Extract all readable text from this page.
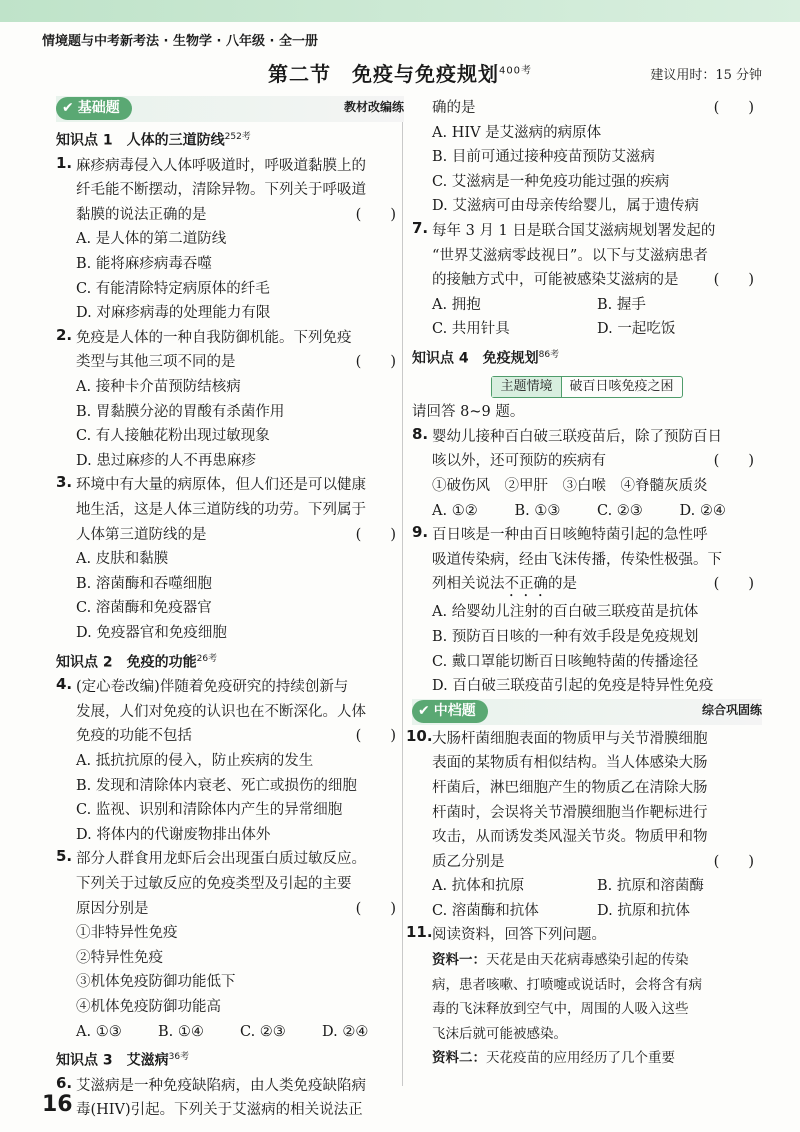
情境题与中考新考法 · 生物学 · 八年级 · 全一册
第二节　免疫与免疫规划$^{400考}$	建议用时：15 分钟
✔ 基础题	教材改编练
知识点 1　人体的三道防线$^{252考}$
1. 麻疹病毒侵入人体呼吸道时，呼吸道黏膜上的
纤毛能不断摆动，清除异物。下列关于呼吸道
黏膜的说法正确的是	(　　)
A. 是人体的第二道防线
B. 能将麻疹病毒吞噬
C. 有能清除特定病原体的纤毛
D. 对麻疹病毒的处理能力有限
2. 免疫是人体的一种自我防御机能。下列免疫
类型与其他三项不同的是	(　　)
A. 接种卡介苗预防结核病
B. 胃黏膜分泌的胃酸有杀菌作用
C. 有人接触花粉出现过敏现象
D. 患过麻疹的人不再患麻疹
3. 环境中有大量的病原体，但人们还是可以健康
地生活，这是人体三道防线的功劳。下列属于
人体第三道防线的是	(　　)
A. 皮肤和黏膜
B. 溶菌酶和吞噬细胞
C. 溶菌酶和免疫器官
D. 免疫器官和免疫细胞
知识点 2　免疫的功能$^{26考}$
4. (定心卷改编)伴随着免疫研究的持续创新与
发展，人们对免疫的认识也在不断深化。人体
免疫的功能不包括	(　　)
A. 抵抗抗原的侵入，防止疾病的发生
B. 发现和清除体内衰老、死亡或损伤的细胞
C. 监视、识别和清除体内产生的异常细胞
D. 将体内的代谢废物排出体外
5. 部分人群食用龙虾后会出现蛋白质过敏反应。
下列关于过敏反应的免疫类型及引起的主要
原因分别是	(　　)
①非特异性免疫
②特异性免疫
③机体免疫防御功能低下
④机体免疫防御功能高
A. ①③	B. ①④	C. ②③	D. ②④
知识点 3　艾滋病$^{36考}$
6. 艾滋病是一种免疫缺陷病，由人类免疫缺陷病
毒(HIV)引起。下列关于艾滋病的相关说法正
确的是	(　　)
A. HIV 是艾滋病的病原体
B. 目前可通过接种疫苗预防艾滋病
C. 艾滋病是一种免疫功能过强的疾病
D. 艾滋病可由母亲传给婴儿，属于遗传病
7. 每年 3 月 1 日是联合国艾滋病规划署发起的
“世界艾滋病零歧视日”。以下与艾滋病患者
的接触方式中，可能被感染艾滋病的是 (　　)
A. 拥抱	B. 握手
C. 共用针具	D. 一起吃饭
知识点 4　免疫规划$^{86考}$
主题情境 破百日咳免疫之困
请回答 8~9 题。
8. 婴幼儿接种百白破三联疫苗后，除了预防百日
咳以外，还可预防的疾病有	(　　)
①破伤风　②甲肝　③白喉　④脊髓灰质炎
A. ①②	B. ①③	C. ②③	D. ②④
9. 百日咳是一种由百日咳鲍特菌引起的急性呼
吸道传染病，经由飞沫传播，传染性极强。下
列相关说法不正确的是	(　　)
A. 给婴幼儿注射的百白破三联疫苗是抗体
B. 预防百日咳的一种有效手段是免疫规划
C. 戴口罩能切断百日咳鲍特菌的传播途径
D. 百白破三联疫苗引起的免疫是特异性免疫
✔ 中档题	综合巩固练
10. 大肠杆菌细胞表面的物质甲与关节滑膜细胞
表面的某物质有相似结构。当人体感染大肠
杆菌后，淋巴细胞产生的物质乙在清除大肠
杆菌时，会误将关节滑膜细胞当作靶标进行
攻击，从而诱发类风湿关节炎。物质甲和物
质乙分别是	(　　)
A. 抗体和抗原	B. 抗原和溶菌酶
C. 溶菌酶和抗体	D. 抗原和抗体
11. 阅读资料，回答下列问题。
资料一：天花是由天花病毒感染引起的传染
病，患者咳嗽、打喷嚏或说话时，会将含有病
毒的飞沫释放到空气中，周围的人吸入这些
飞沫后就可能被感染。
资料二：天花疫苗的应用经历了几个重要
16
